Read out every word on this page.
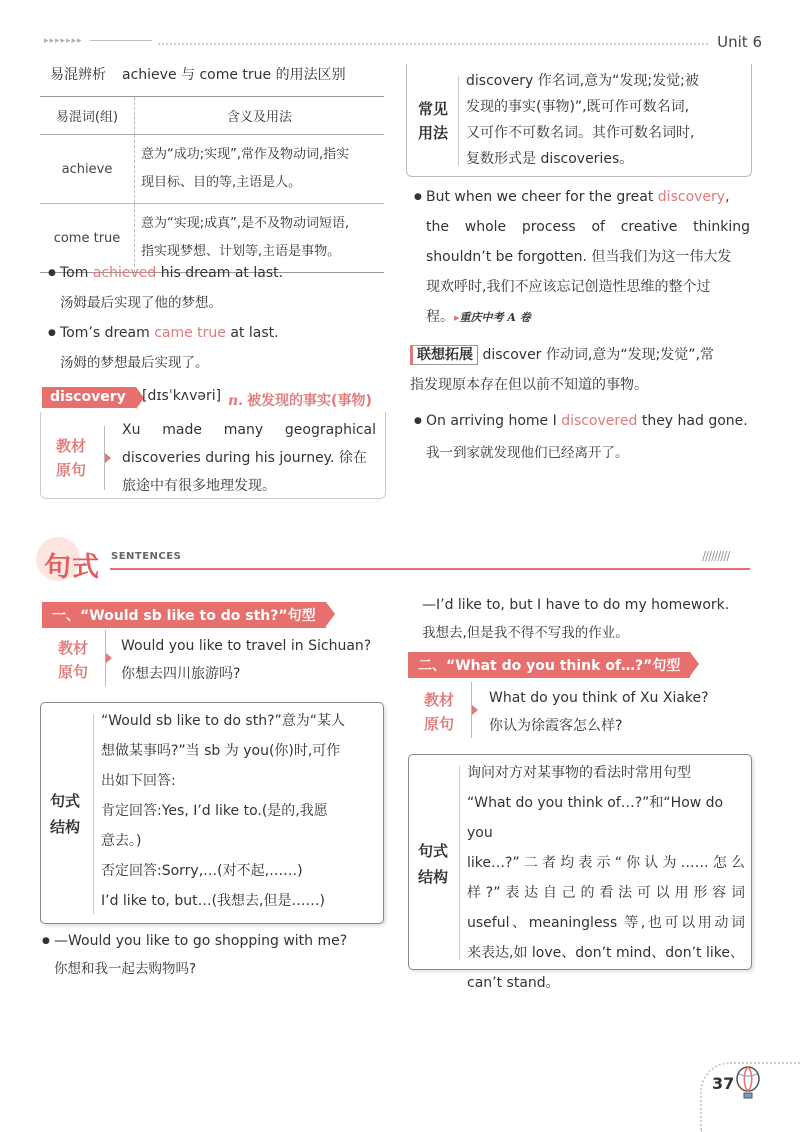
▸▸▸▸▸▸▸	Unit 6
易混辨析 achieve 与 come true 的用法区别
易混词(组)	含义及用法
achieve	意为“成功;实现”,常作及物动词,指实
现目标、目的等,主语是人。
come true	意为“实现;成真”,是不及物动词短语,
指实现梦想、计划等,主语是事物。
● Tom achieved his dream at last.
汤姆最后实现了他的梦想。
● Tom’s dream came true at last.
汤姆的梦想最后实现了。
discovery	[dɪsˈkʌvəri] n. 被发现的事实(事物)
教材
原句
Xu made many geographical
discoveries during his journey. 徐在
旅途中有很多地理发现。
常见
用法
discovery 作名词,意为“发现;发觉;被
发现的事实(事物)”,既可作可数名词,
又可作不可数名词。其作可数名词时,
复数形式是 discoveries。
● But when we cheer for the great discovery,
the whole process of creative thinking
shouldn’t be forgotten. 但当我们为这一伟大发
现欢呼时,我们不应该忘记创造性思维的整个过
程。 ▸ 重庆中考 A 卷
联想拓展 discover 作动词,意为“发现;发觉”,常
指发现原本存在但以前不知道的事物。
● On arriving home I discovered they had gone.
我一到家就发现他们已经离开了。
句式 SENTENCES	/////////
一、“Would sb like to do sth?”句型
教材
原句
Would you like to travel in Sichuan?
你想去四川旅游吗?
句式
结构
“Would sb like to do sth?”意为“某人
想做某事吗?”当 sb 为 you(你)时,可作
出如下回答:
肯定回答:Yes, I’d like to.(是的,我愿
意去。)
否定回答:Sorry,…(对不起,……)
I’d like to, but…(我想去,但是……)
● —Would you like to go shopping with me?
你想和我一起去购物吗?
—I’d like to, but I have to do my homework.
我想去,但是我不得不写我的作业。
二、“What do you think of…?”句型
教材
原句
What do you think of Xu Xiake?
你认为徐霞客怎么样?
句式
结构
询问对方对某事物的看法时常用句型
“What do you think of…?”和“How do you
like…?”二者均表示“你认为……怎么
样?”表达自己的看法可以用形容词
useful、meaningless 等,也可以用动词
来表达,如 love、don’t mind、don’t like、
can’t stand。
37
